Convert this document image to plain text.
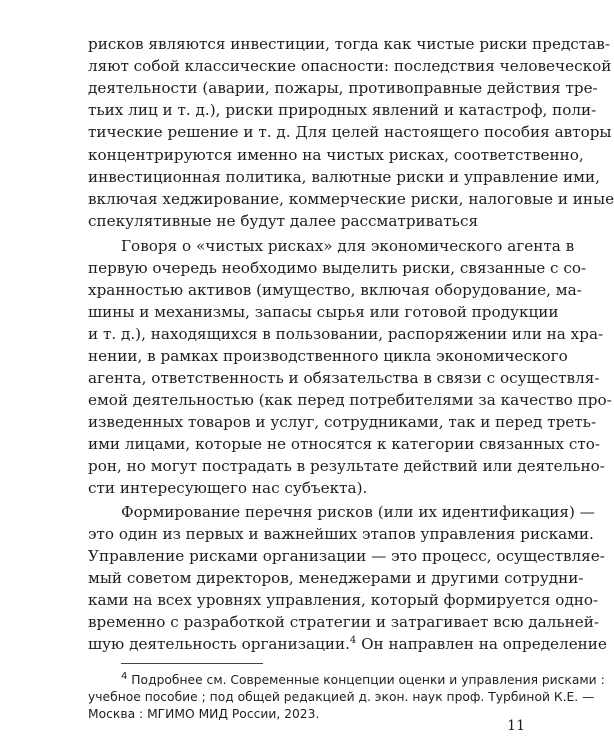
рисков являются инвестиции, тогда как чистые риски представ-
ляют собой классические опасности: последствия человеческой
деятельности (аварии, пожары, противоправные действия тре-
тьих лиц и т. д.), риски природных явлений и катастроф, поли-
тические решение и т. д. Для целей настоящего пособия авторы
концентрируются именно на чистых рисках, соответственно,
инвестиционная политика, валютные риски и управление ими,
включая хеджирование, коммерческие риски, налоговые и иные
спекулятивные не будут далее рассматриваться
Говоря о «чистых рисках» для экономического агента в
первую очередь необходимо выделить риски, связанные с со-
хранностью активов (имущество, включая оборудование, ма-
шины и механизмы, запасы сырья или готовой продукции
и т. д.), находящихся в пользовании, распоряжении или на хра-
нении, в рамках производственного цикла экономического
агента, ответственность и обязательства в связи с осуществля-
емой деятельностью (как перед потребителями за качество про-
изведенных товаров и услуг, сотрудниками, так и перед треть-
ими лицами, которые не относятся к категории связанных сто-
рон, но могут пострадать в результате действий или деятельно-
сти интересующего нас субъекта).
Формирование перечня рисков (или их идентификация) —
это один из первых и важнейших этапов управления рисками.
Управление рисками организации — это процесс, осуществляе-
мый советом директоров, менеджерами и другими сотрудни-
ками на всех уровнях управления, который формируется одно-
временно с разработкой стратегии и затрагивает всю дальней-
шую деятельность организации.$^4$ Он направлен на определение
$^4$ Подробнее см. Современные концепции оценки и управления рисками :
учебное пособие ; под общей редакцией д. экон. наук проф. Турбиной К.Е. —
Москва : МГИМО МИД России, 2023.
11
